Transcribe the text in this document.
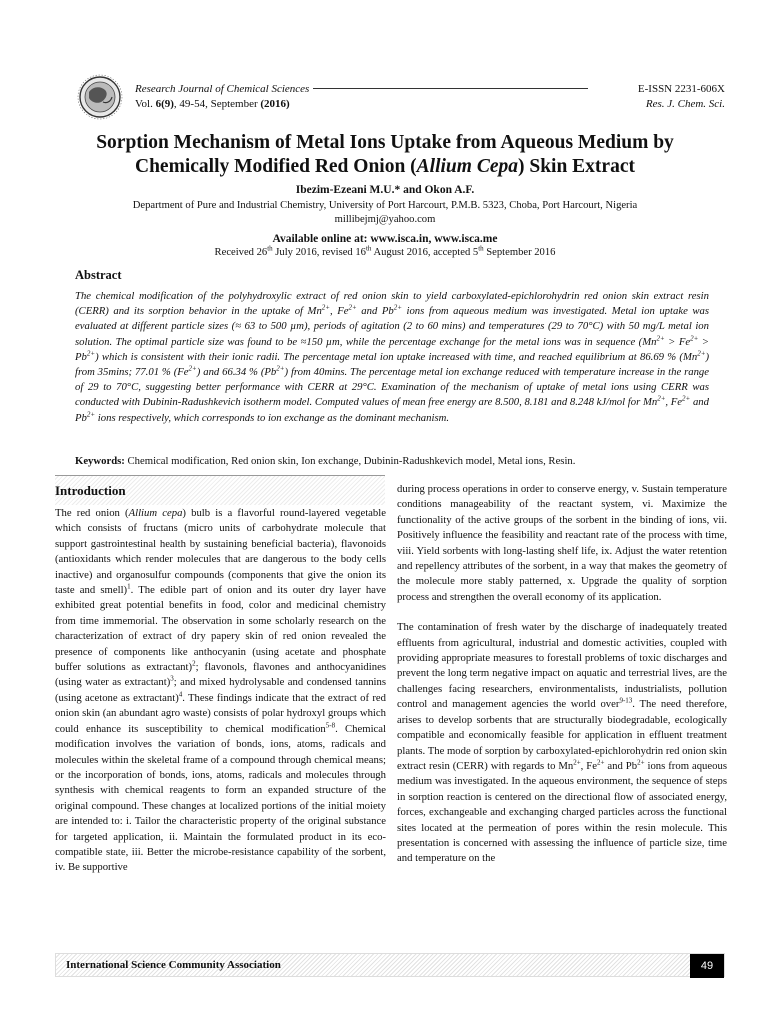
Research Journal of Chemical Sciences
Vol. 6(9), 49-54, September (2016)
E-ISSN 2231-606X
Res. J. Chem. Sci.
Sorption Mechanism of Metal Ions Uptake from Aqueous Medium by
Chemically Modified Red Onion (Allium Cepa) Skin Extract
Ibezim-Ezeani M.U.* and Okon A.F.
Department of Pure and Industrial Chemistry, University of Port Harcourt, P.M.B. 5323, Choba, Port Harcourt, Nigeria
millibejmj@yahoo.com
Available online at: www.isca.in, www.isca.me
Received 26th July 2016, revised 16th August 2016, accepted 5th September 2016
Abstract
The chemical modification of the polyhydroxylic extract of red onion skin to yield carboxylated-epichlorohydrin red onion skin extract resin (CERR) and its sorption behavior in the uptake of $Mn^{2+}$, $Fe^{2+}$ and $Pb^{2+}$ ions from aqueous medium was investigated. Metal ion uptake was evaluated at different particle sizes (≈ 63 to 500 µm), periods of agitation (2 to 60 mins) and temperatures (29 to 70°C) with 50 mg/L metal ion solution. The optimal particle size was found to be ≈150 µm, while the percentage exchange for the metal ions was in sequence $(Mn^{2+} > Fe^{2+} > Pb^{2+})$ which is consistent with their ionic radii. The percentage metal ion uptake increased with time, and reached equilibrium at 86.69 % $(Mn^{2+})$ from 35mins; 77.01 % $(Fe^{2+})$ and 66.34 % $(Pb^{2+})$ from 40mins. The percentage metal ion exchange reduced with temperature increase in the range of 29 to 70°C, suggesting better performance with CERR at 29°C. Examination of the mechanism of uptake of metal ions using CERR was conducted with Dubinin-Radushkevich isotherm model. Computed values of mean free energy are 8.500, 8.181 and 8.248 kJ/mol for $Mn^{2+}$, $Fe^{2+}$ and $Pb^{2+}$ ions respectively, which corresponds to ion exchange as the dominant mechanism.
Keywords: Chemical modification, Red onion skin, Ion exchange, Dubinin-Radushkevich model, Metal ions, Resin.
Introduction

The red onion (Allium cepa) bulb is a flavorful round-layered vegetable which consists of fructans (micro units of carbohydrate molecule that support gastrointestinal health by sustaining beneficial bacteria), flavonoids (antioxidants which render molecules that are dangerous to the body cells inactive) and organosulfur compounds (components that give the onion its taste and smell)$^1$. The edible part of onion and its outer dry layer have exhibited great potential benefits in food, color and medicinal chemistry from time immemorial. The observation in some scholarly research on the characterization of extract of dry papery skin of red onion revealed the presence of components like anthocyanin (using acetate and phosphate buffer solutions as extractant)$^2$; flavonols, flavones and anthocyanidines (using water as extractant)$^3$; and mixed hydrolysable and condensed tannins (using acetone as extractant)$^4$. These findings indicate that the extract of red onion skin (an abundant agro waste) consists of polar hydroxyl groups which could enhance its susceptibility to chemical modification$^{5-8}$. Chemical modification involves the variation of bonds, ions, atoms, radicals and molecules within the skeletal frame of a compound through chemical means; or the incorporation of bonds, ions, atoms, radicals and molecules through synthesis with chemical reagents to form an expanded structure of the original compound. These changes at localized portions of the initial moiety are intended to: i. Tailor the characteristic property of the original substance for targeted application, ii. Maintain the formulated product in its eco-compatible state, iii. Better the microbe-resistance capability of the sorbent, iv. Be supportive

during process operations in order to conserve energy, v. Sustain temperature conditions manageability of the reactant system, vi. Maximize the functionality of the active groups of the sorbent in the binding of ions, vii. Positively influence the feasibility and reactant rate of the process with time, viii. Yield sorbents with long-lasting shelf life, ix. Adjust the water retention and repellency attributes of the sorbent, in a way that makes the geometry of the molecule more stably patterned, x. Upgrade the quality of sorption process and strengthen the overall economy of its application.

The contamination of fresh water by the discharge of inadequately treated effluents from agricultural, industrial and domestic activities, coupled with providing appropriate measures to forestall problems of toxic discharges and prevent the long term negative impact on aquatic and terrestrial lives, are the challenges facing researchers, environmentalists, industrialists, pollution control and management agencies the world over$^{9-13}$. The need therefore, arises to develop sorbents that are structurally biodegradable, ecologically compatible and economically feasible for application in effluent treatment plants. The mode of sorption by carboxylated-epichlorohydrin red onion skin extract resin (CERR) with regards to $Mn^{2+}$, $Fe^{2+}$ and $Pb^{2+}$ ions from aqueous medium was investigated. In the aqueous environment, the sequence of steps in sorption reaction is centered on the directional flow of associated energy, forces, exchangeable and exchanging charged particles across the functional sites located at the permeation of pores within the resin molecule. This presentation is concerned with assessing the influence of particle size, time and temperature on the

International Science Community Association	49
